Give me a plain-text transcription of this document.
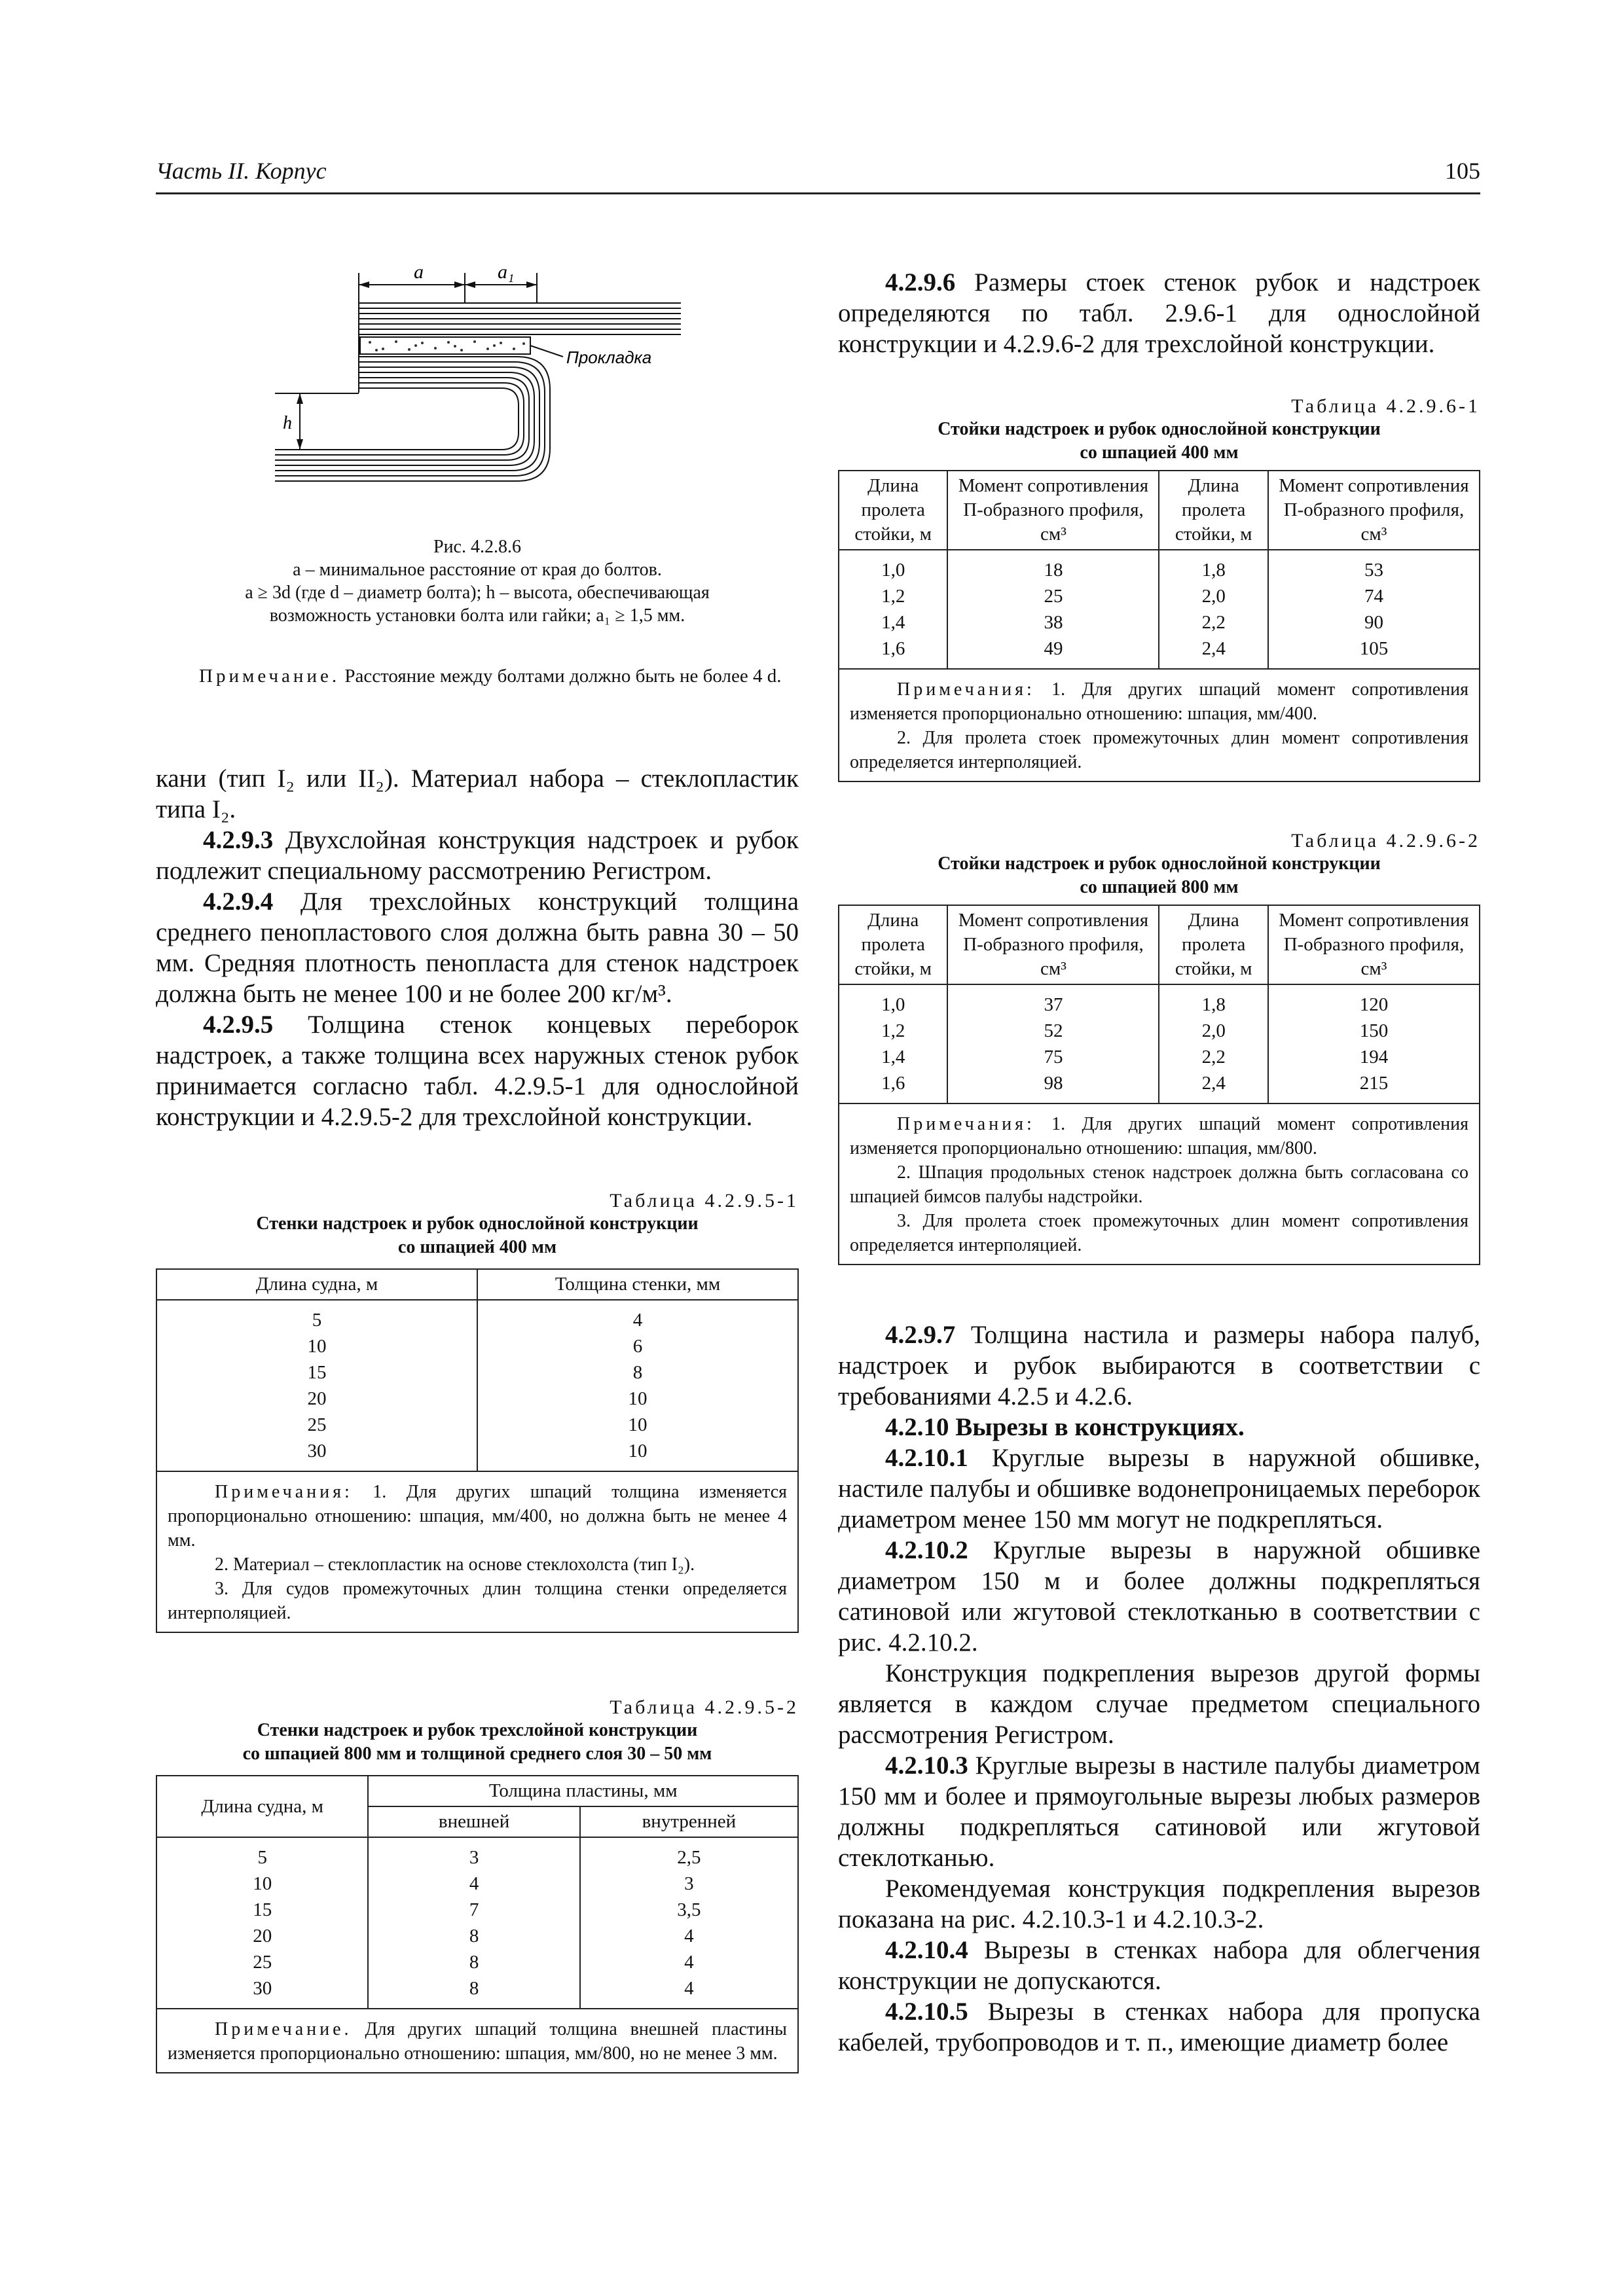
Часть II. Корпус	105
a	a₁
Прокладка
h
Рис. 4.2.8.6
a – минимальное расстояние от края до болтов.
a ≥ 3d (где d – диаметр болта); h – высота, обеспечивающая
возможность установки болта или гайки; a₁ ≥ 1,5 мм.
Примечание. Расстояние между болтами должно быть не более 4 d.

кани (тип I₂ или II₂). Материал набора – стеклопластик типа I₂.

4.2.9.3 Двухслойная конструкция надстроек и рубок подлежит специальному рассмотрению Регистром.

4.2.9.4 Для трехслойных конструкций толщина среднего пенопластового слоя должна быть равна 30 – 50 мм. Средняя плотность пенопласта для стенок надстроек должна быть не менее 100 и не более 200 кг/м³.

4.2.9.5 Толщина стенок концевых переборок надстроек, а также толщина всех наружных стенок рубок принимается согласно табл. 4.2.9.5-1 для однослойной конструкции и 4.2.9.5-2 для трехслойной конструкции.

Таблица 4.2.9.5-1
Стенки надстроек и рубок однослойной конструкции
со шпацией 400 мм
Длина судна, м	Толщина стенки, мм
5	4
10	6
15	8
20	10
25	10
30	10

Примечания: 1. Для других шпаций толщина изменяется пропорционально отношению: шпация, мм/400, но должна быть не менее 4 мм.
2. Материал – стеклопластик на основе стеклохолста (тип I₂).
3. Для судов промежуточных длин толщина стенки определяется интерполяцией.	
Таблица 4.2.9.5-2
Стенки надстроек и рубок трехслойной конструкции
со шпацией 800 мм и толщиной среднего слоя 30 – 50 мм
Длина судна, м	Толщина пластины, мм	
	внешней	внутренней
5	3	2,5
10	4	3
15	7	3,5
20	8	4
25	8	4
30	8	4

Примечание. Для других шпаций толщина внешней пластины изменяется пропорционально отношению: шпация, мм/800, но не менее 3 мм.		

4.2.9.6 Размеры стоек стенок рубок и надстроек определяются по табл. 2.9.6-1 для однослойной конструкции и 4.2.9.6-2 для трехслойной конструкции.

Таблица 4.2.9.6-1
Стойки надстроек и рубок однослойной конструкции
со шпацией 400 мм
Длина пролета стойки, м	Момент сопротивления П-образного профиля, см³	Длина пролета стойки, м	Момент сопротивления П-образного профиля, см³
1,0	18	1,8	53
1,2	25	2,0	74
1,4	38	2,2	90
1,6	49	2,4	105

Примечания: 1. Для других шпаций момент сопротивления изменяется пропорционально отношению: шпация, мм/400.
2. Для пролета стоек промежуточных длин момент сопротивления определяется интерполяцией.			
Таблица 4.2.9.6-2
Стойки надстроек и рубок однослойной конструкции
со шпацией 800 мм
Длина пролета стойки, м	Момент сопротивления П-образного профиля, см³	Длина пролета стойки, м	Момент сопротивления П-образного профиля, см³
1,0	37	1,8	120
1,2	52	2,0	150
1,4	75	2,2	194
1,6	98	2,4	215

Примечания: 1. Для других шпаций момент сопротивления изменяется пропорционально отношению: шпация, мм/800.
2. Шпация продольных стенок надстроек должна быть согласована со шпацией бимсов палубы надстройки.
3. Для пролета стоек промежуточных длин момент сопротивления определяется интерполяцией.			

4.2.9.7 Толщина настила и размеры набора палуб, надстроек и рубок выбираются в соответствии с требованиями 4.2.5 и 4.2.6.

4.2.10 Вырезы в конструкциях.

4.2.10.1 Круглые вырезы в наружной обшивке, настиле палубы и обшивке водонепроницаемых переборок диаметром менее 150 мм могут не подкрепляться.

4.2.10.2 Круглые вырезы в наружной обшивке диаметром 150 м и более должны подкрепляться сатиновой или жгутовой стеклотканью в соответствии с рис. 4.2.10.2.

Конструкция подкрепления вырезов другой формы является в каждом случае предметом специального рассмотрения Регистром.

4.2.10.3 Круглые вырезы в настиле палубы диаметром 150 мм и более и прямоугольные вырезы любых размеров должны подкрепляться сатиновой или жгутовой стеклотканью.

Рекомендуемая конструкция подкрепления вырезов показана на рис. 4.2.10.3-1 и 4.2.10.3-2.

4.2.10.4 Вырезы в стенках набора для облегчения конструкции не допускаются.

4.2.10.5 Вырезы в стенках набора для пропуска кабелей, трубопроводов и т. п., имеющие диаметр более
